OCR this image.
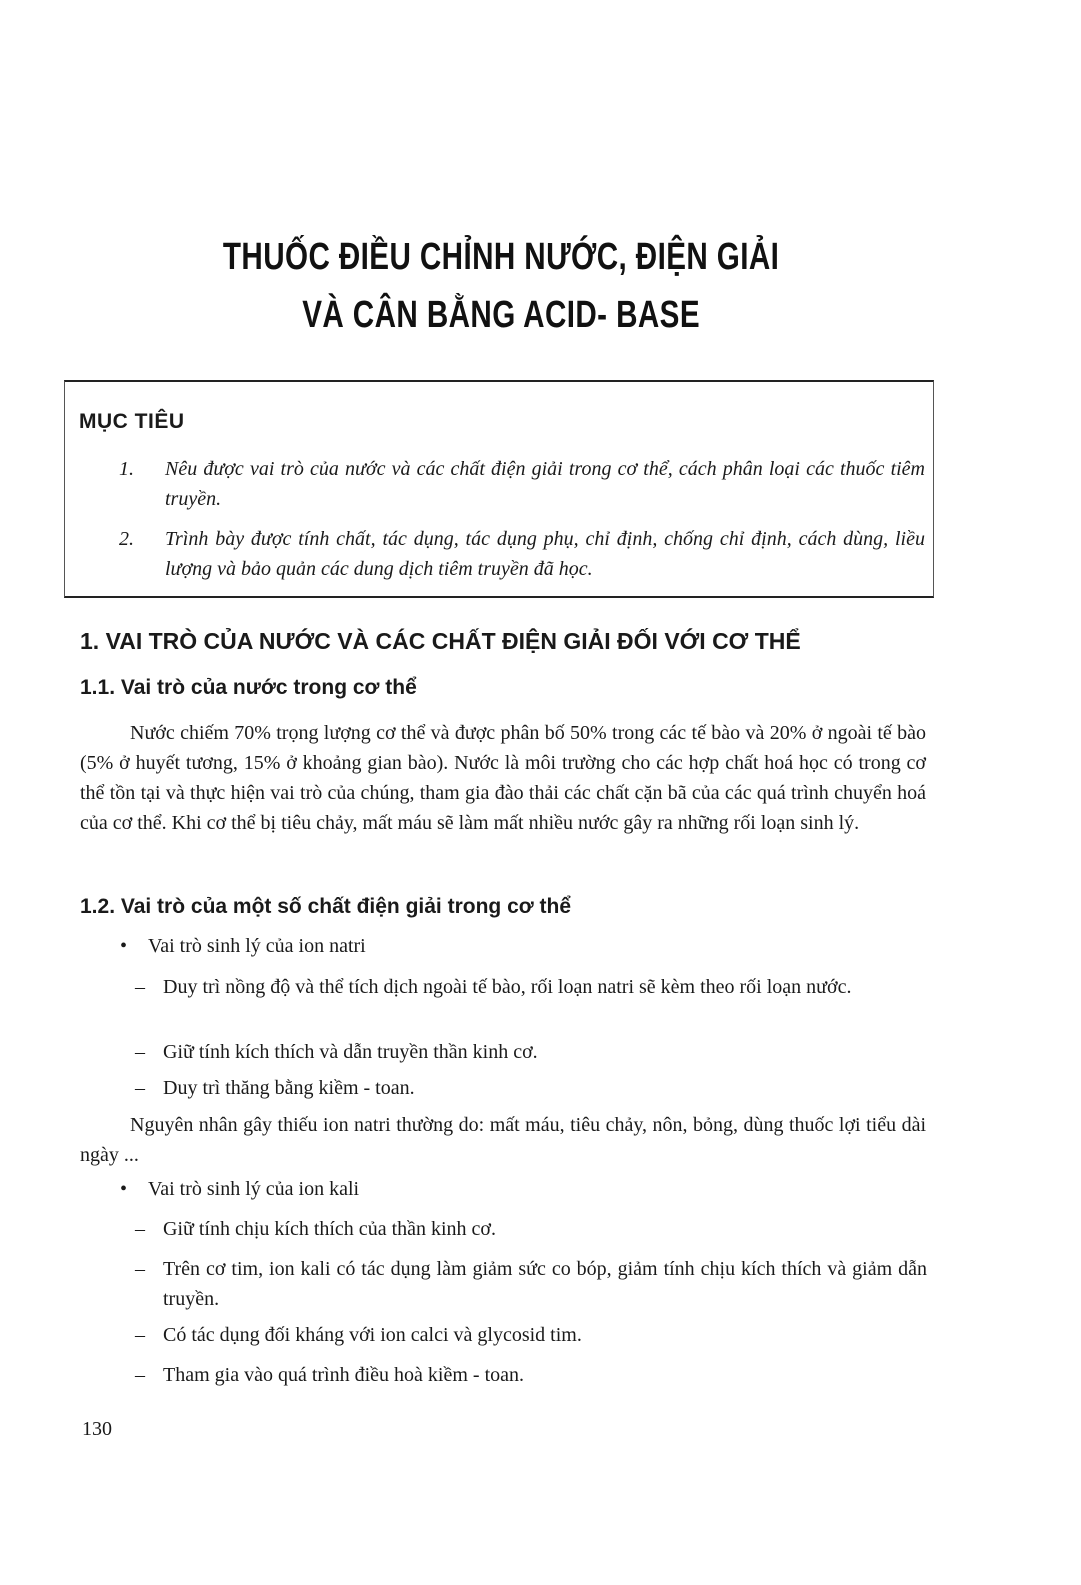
THUỐC ĐIỀU CHỈNH NƯỚC, ĐIỆN GIẢI
VÀ CÂN BẰNG ACID- BASE
MỤC TIÊU
1. Nêu được vai trò của nước và các chất điện giải trong cơ thể, cách phân loại các thuốc tiêm truyền.
2. Trình bày được tính chất, tác dụng, tác dụng phụ, chỉ định, chống chỉ định, cách dùng, liều lượng và bảo quản các dung dịch tiêm truyền đã học.
1. VAI TRÒ CỦA NƯỚC VÀ CÁC CHẤT ĐIỆN GIẢI ĐỐI VỚI CƠ THỂ
1.1. Vai trò của nước trong cơ thể
Nước chiếm 70% trọng lượng cơ thể và được phân bố 50% trong các tế bào và 20% ở ngoài tế bào (5% ở huyết tương, 15% ở khoảng gian bào). Nước là môi trường cho các hợp chất hoá học có trong cơ thể tồn tại và thực hiện vai trò của chúng, tham gia đào thải các chất cặn bã của các quá trình chuyển hoá của cơ thể. Khi cơ thể bị tiêu chảy, mất máu sẽ làm mất nhiều nước gây ra những rối loạn sinh lý.
1.2. Vai trò của một số chất điện giải trong cơ thể
• Vai trò sinh lý của ion natri
– Duy trì nồng độ và thể tích dịch ngoài tế bào, rối loạn natri sẽ kèm theo rối loạn nước.
– Giữ tính kích thích và dẫn truyền thần kinh cơ.
– Duy trì thăng bằng kiềm - toan.
Nguyên nhân gây thiếu ion natri thường do: mất máu, tiêu chảy, nôn, bỏng, dùng thuốc lợi tiểu dài ngày ...
• Vai trò sinh lý của ion kali
– Giữ tính chịu kích thích của thần kinh cơ.
– Trên cơ tim, ion kali có tác dụng làm giảm sức co bóp, giảm tính chịu kích thích và giảm dẫn truyền.
– Có tác dụng đối kháng với ion calci và glycosid tim.
– Tham gia vào quá trình điều hoà kiềm - toan.
130
